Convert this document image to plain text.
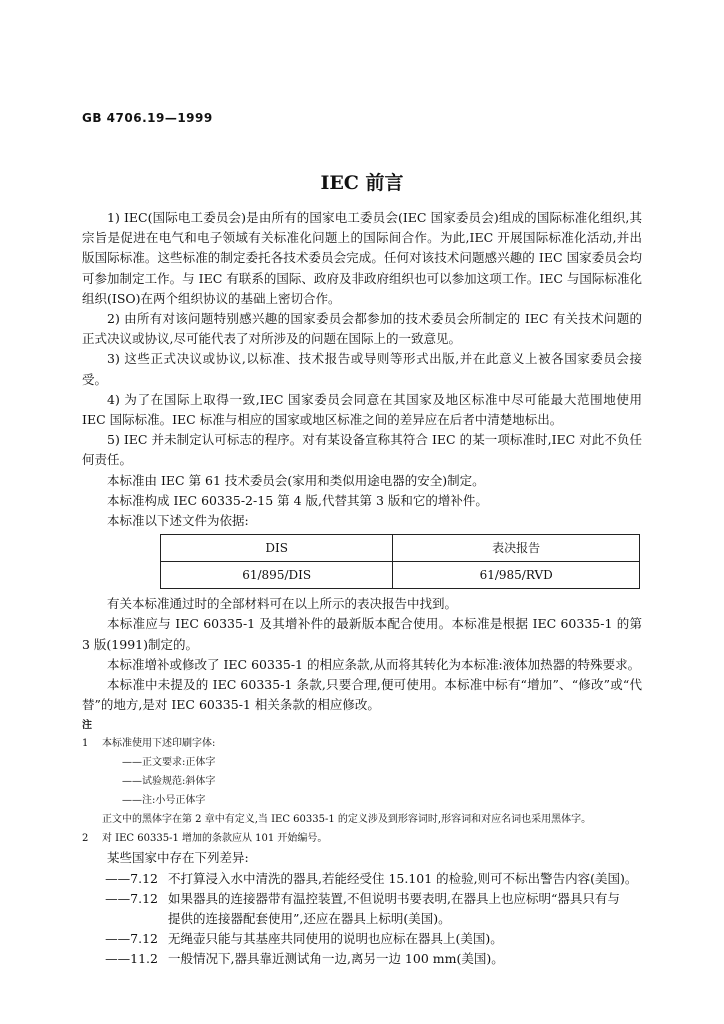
GB 4706.19—1999
IEC 前言

1) IEC(国际电工委员会)是由所有的国家电工委员会(IEC 国家委员会)组成的国际标准化组织,其宗旨是促进在电气和电子领域有关标准化问题上的国际间合作。为此,IEC 开展国际标准化活动,并出版国际标准。这些标准的制定委托各技术委员会完成。任何对该技术问题感兴趣的 IEC 国家委员会均可参加制定工作。与 IEC 有联系的国际、政府及非政府组织也可以参加这项工作。IEC 与国际标准化组织(ISO)在两个组织协议的基础上密切合作。

2) 由所有对该问题特别感兴趣的国家委员会都参加的技术委员会所制定的 IEC 有关技术问题的正式决议或协议,尽可能代表了对所涉及的问题在国际上的一致意见。

3) 这些正式决议或协议,以标准、技术报告或导则等形式出版,并在此意义上被各国家委员会接受。

4) 为了在国际上取得一致,IEC 国家委员会同意在其国家及地区标准中尽可能最大范围地使用 IEC 国际标准。IEC 标准与相应的国家或地区标准之间的差异应在后者中清楚地标出。

5) IEC 并未制定认可标志的程序。对有某设备宣称其符合 IEC 的某一项标准时,IEC 对此不负任何责任。

本标准由 IEC 第 61 技术委员会(家用和类似用途电器的安全)制定。

本标准构成 IEC 60335-2-15 第 4 版,代替其第 3 版和它的增补件。

本标准以下述文件为依据:

DIS	表决报告
61/895/DIS	61/985/RVD

有关本标准通过时的全部材料可在以上所示的表决报告中找到。

本标准应与 IEC 60335-1 及其增补件的最新版本配合使用。本标准是根据 IEC 60335-1 的第 3 版(1991)制定的。

本标准增补或修改了 IEC 60335-1 的相应条款,从而将其转化为本标准:液体加热器的特殊要求。

本标准中未提及的 IEC 60335-1 条款,只要合理,便可使用。本标准中标有“增加”、“修改”或“代替”的地方,是对 IEC 60335-1 相关条款的相应修改。

注
1	本标准使用下述印刷字体:
——正文要求:正体字
——试验规范:斜体字
——注:小号正体字
正文中的黑体字在第 2 章中有定义,当 IEC 60335-1 的定义涉及到形容词时,形容词和对应名词也采用黑体字。
2	对 IEC 60335-1 增加的条款应从 101 开始编号。

某些国家中存在下列差异:

——7.12 不打算浸入水中清洗的器具,若能经受住 15.101 的检验,则可不标出警告内容(美国)。
——7.12 如果器具的连接器带有温控装置,不但说明书要表明,在器具上也应标明“器具只有与
提供的连接器配套使用”,还应在器具上标明(美国)。
——7.12 无绳壶只能与其基座共同使用的说明也应标在器具上(美国)。
——11.2 一般情况下,器具靠近测试角一边,离另一边 100 mm(美国)。
